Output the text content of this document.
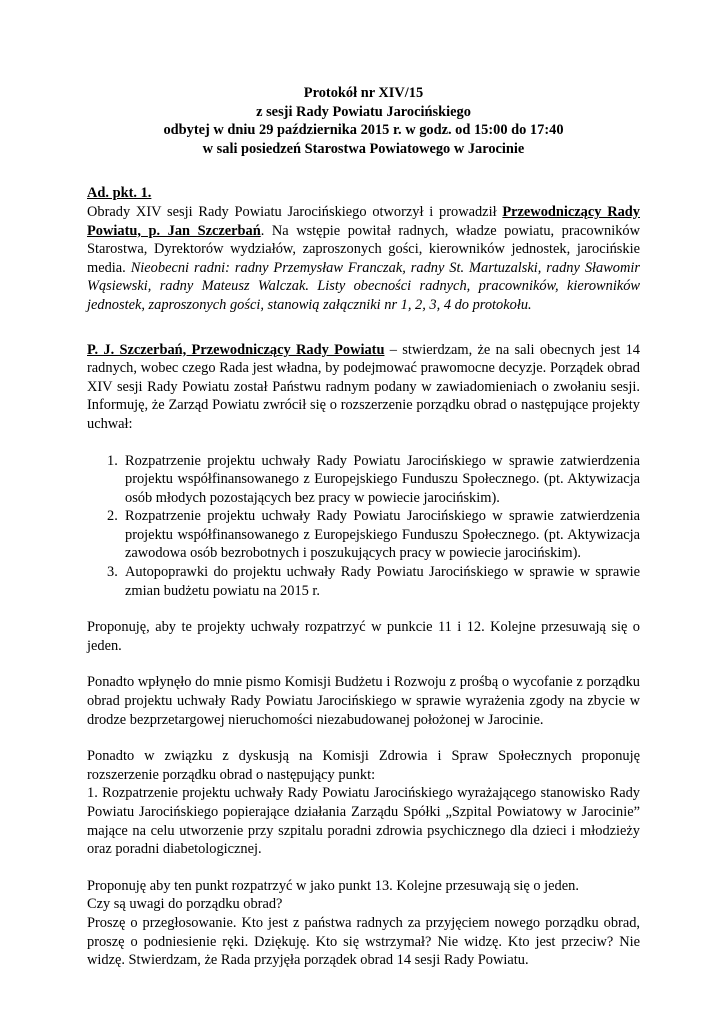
Protokół nr XIV/15
z sesji Rady Powiatu Jarocińskiego
odbytej w dniu 29 października 2015 r. w godz. od 15:00 do 17:40
w sali posiedzeń Starostwa Powiatowego w Jarocinie
Ad. pkt. 1.

Obrady XIV sesji Rady Powiatu Jarocińskiego otworzył i prowadził Przewodniczący Rady Powiatu, p. Jan Szczerbań. Na wstępie powitał radnych, władze powiatu, pracowników Starostwa, Dyrektorów wydziałów, zaproszonych gości, kierowników jednostek, jarocińskie media. Nieobecni radni: radny Przemysław Franczak, radny St. Martuzalski, radny Sławomir Wąsiewski, radny Mateusz Walczak. Listy obecności radnych, pracowników, kierowników jednostek, zaproszonych gości, stanowią załączniki nr 1, 2, 3, 4 do protokołu.

P. J. Szczerbań, Przewodniczący Rady Powiatu – stwierdzam, że na sali obecnych jest 14 radnych, wobec czego Rada jest władna, by podejmować prawomocne decyzje. Porządek obrad XIV sesji Rady Powiatu został Państwu radnym podany w zawiadomieniach o zwołaniu sesji. Informuję, że Zarząd Powiatu zwrócił się o rozszerzenie porządku obrad o następujące projekty uchwał:

1. Rozpatrzenie projektu uchwały Rady Powiatu Jarocińskiego w sprawie zatwierdzenia projektu współfinansowanego z Europejskiego Funduszu Społecznego. (pt. Aktywizacja osób młodych pozostających bez pracy w powiecie jarocińskim).
2. Rozpatrzenie projektu uchwały Rady Powiatu Jarocińskiego w sprawie zatwierdzenia projektu współfinansowanego z Europejskiego Funduszu Społecznego. (pt. Aktywizacja zawodowa osób bezrobotnych i poszukujących pracy w powiecie jarocińskim).
3. Autopoprawki do projektu uchwały Rady Powiatu Jarocińskiego w sprawie w sprawie zmian budżetu powiatu na 2015 r.

Proponuję, aby te projekty uchwały rozpatrzyć w punkcie 11 i 12. Kolejne przesuwają się o jeden.

Ponadto wpłynęło do mnie pismo Komisji Budżetu i Rozwoju z prośbą o wycofanie z porządku obrad projektu uchwały Rady Powiatu Jarocińskiego w sprawie wyrażenia zgody na zbycie w drodze bezprzetargowej nieruchomości niezabudowanej położonej w Jarocinie.

Ponadto w związku z dyskusją na Komisji Zdrowia i Spraw Społecznych proponuję rozszerzenie porządku obrad o następujący punkt:

1. Rozpatrzenie projektu uchwały Rady Powiatu Jarocińskiego wyrażającego stanowisko Rady Powiatu Jarocińskiego popierające działania Zarządu Spółki „Szpital Powiatowy w Jarocinie” mające na celu utworzenie przy szpitalu poradni zdrowia psychicznego dla dzieci i młodzieży oraz poradni diabetologicznej.

Proponuję aby ten punkt rozpatrzyć w jako punkt 13. Kolejne przesuwają się o jeden.

Czy są uwagi do porządku obrad?

Proszę o przegłosowanie. Kto jest z państwa radnych za przyjęciem nowego porządku obrad, proszę o podniesienie ręki. Dziękuję. Kto się wstrzymał? Nie widzę. Kto jest przeciw? Nie widzę. Stwierdzam, że Rada przyjęła porządek obrad 14 sesji Rady Powiatu.
